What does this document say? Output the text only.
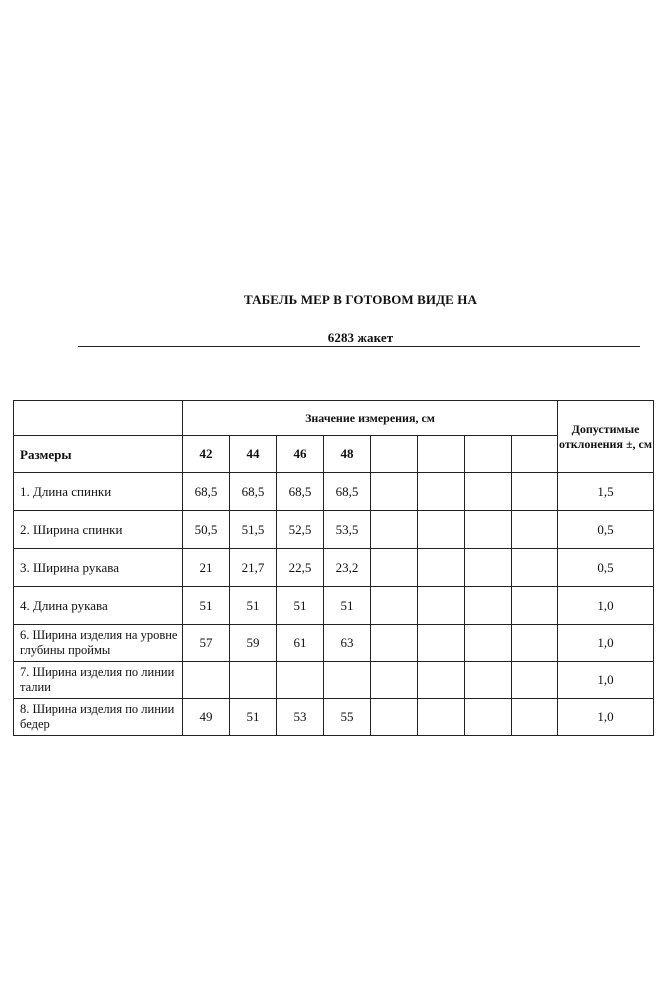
ТАБЕЛЬ МЕР В ГОТОВОМ ВИДЕ НА
6283 жакет
	Значение измерения, см								Допустимые отклонения ±, см
Размеры	42	44	46	48					
1. Длина спинки	68,5	68,5	68,5	68,5					1,5
2. Ширина спинки	50,5	51,5	52,5	53,5					0,5
3. Ширина рукава	21	21,7	22,5	23,2					0,5
4. Длина рукава	51	51	51	51					1,0
6. Ширина изделия на уровне глубины проймы	57	59	61	63					1,0
7. Ширина изделия по линии талии									1,0
8. Ширина изделия по линии бедер	49	51	53	55					1,0
